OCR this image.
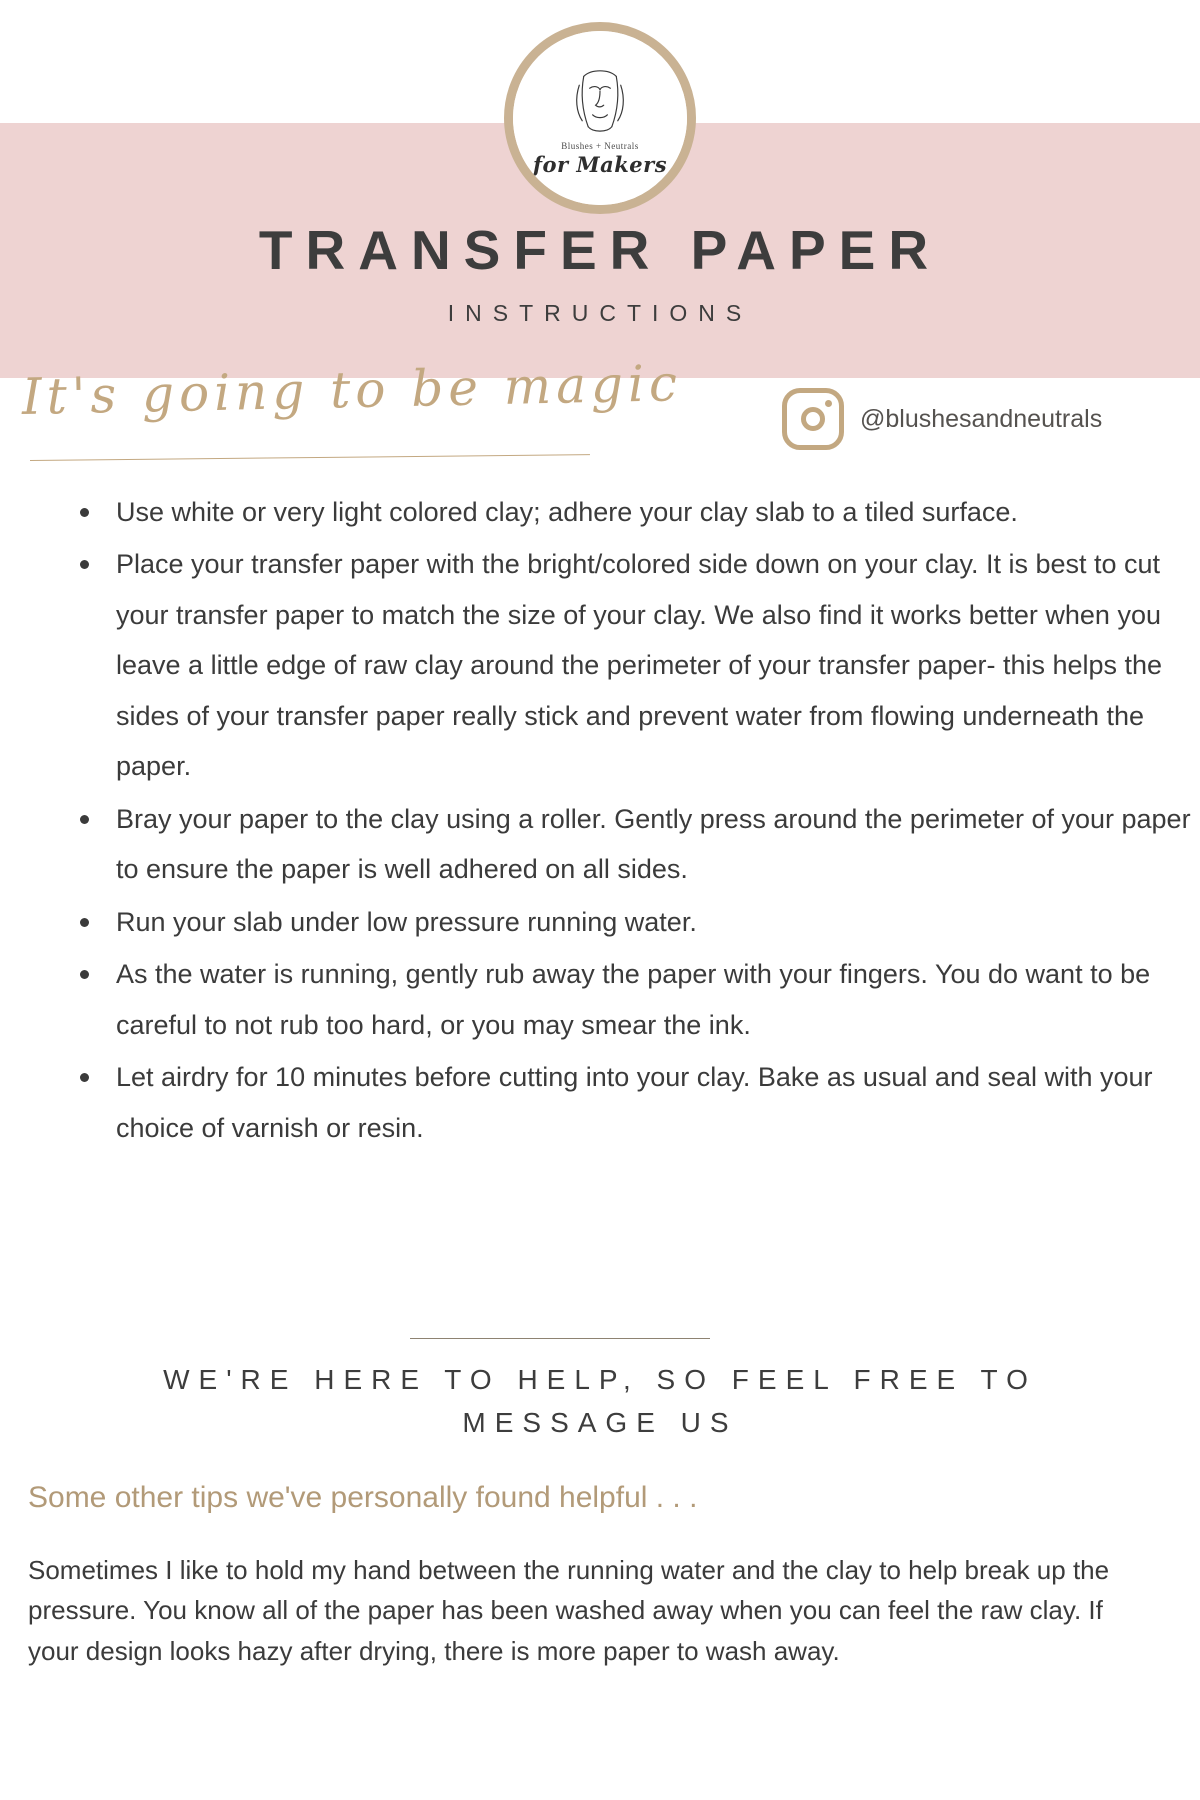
Blushes + Neutrals
for Makers
TRANSFER PAPER
INSTRUCTIONS
It's going to be magic	@blushesandneutrals
Use white or very light colored clay; adhere your clay slab to a tiled surface.
Place your transfer paper with the bright/colored side down on your clay. It is best to cut your transfer paper to match the size of your clay. We also find it works better when you leave a little edge of raw clay around the perimeter of your transfer paper- this helps the sides of your transfer paper really stick and prevent water from flowing underneath the paper.
Bray your paper to the clay using a roller. Gently press around the perimeter of your paper to ensure the paper is well adhered on all sides.
Run your slab under low pressure running water.
As the water is running, gently rub away the paper with your fingers. You do want to be careful to not rub too hard, or you may smear the ink.
Let airdry for 10 minutes before cutting into your clay. Bake as usual and seal with your choice of varnish or resin.
WE'RE HERE TO HELP, SO FEEL FREE TO
MESSAGE US
Some other tips we've personally found helpful . . .
Sometimes I like to hold my hand between the running water and the clay to help break up the pressure. You know all of the paper has been washed away when you can feel the raw clay. If your design looks hazy after drying, there is more paper to wash away.
